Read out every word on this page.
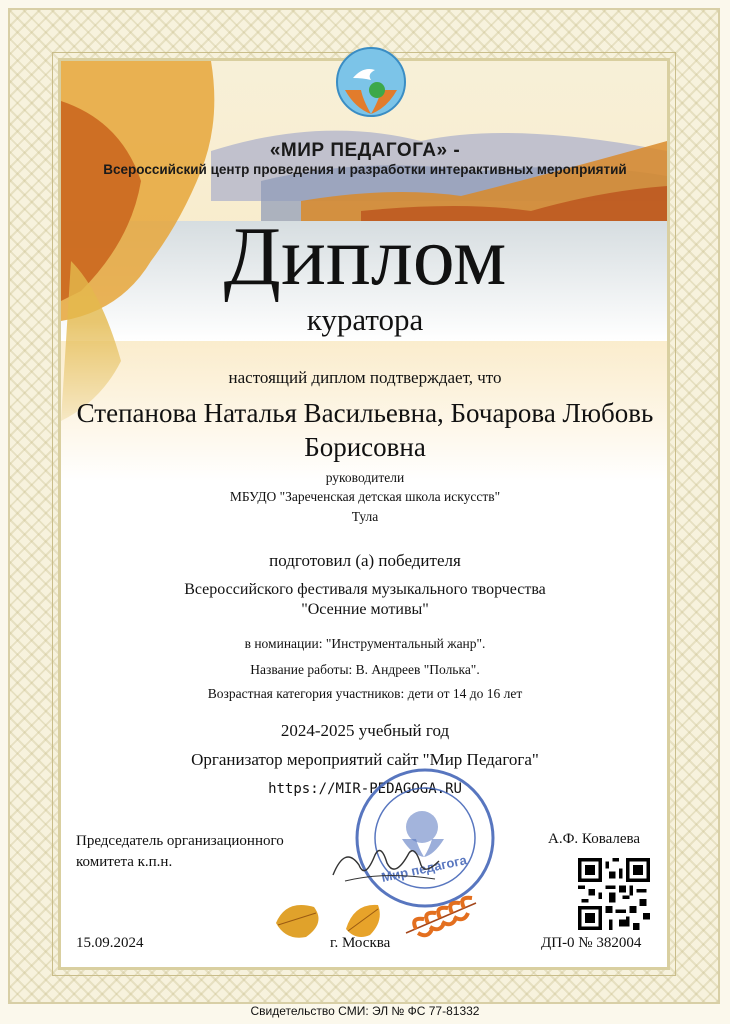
«МИР ПЕДАГОГА» -
Всероссийский центр проведения и разработки интерактивных мероприятий
Диплом
куратора
настоящий диплом подтверждает, что
Степанова Наталья Васильевна, Бочарова Любовь Борисовна
руководители
МБУДО "Зареченская детская школа искусств"
Тула
подготовил (а) победителя
Всероссийского фестиваля музыкального творчества
"Осенние мотивы"
в номинации: "Инструментальный жанр".
Название работы: В. Андреев "Полька".
Возрастная категория участников: дети от 14 до 16 лет
2024-2025 учебный год
Организатор мероприятий сайт "Мир Педагога"
https://MIR-PEDAGOGA.RU
Мир педагога
Председатель организационного
комитета к.п.н.
А.Ф. Ковалева
15.09.2024	г. Москва	ДП-0 № 382004
Свидетельство СМИ: ЭЛ № ФС 77-81332
